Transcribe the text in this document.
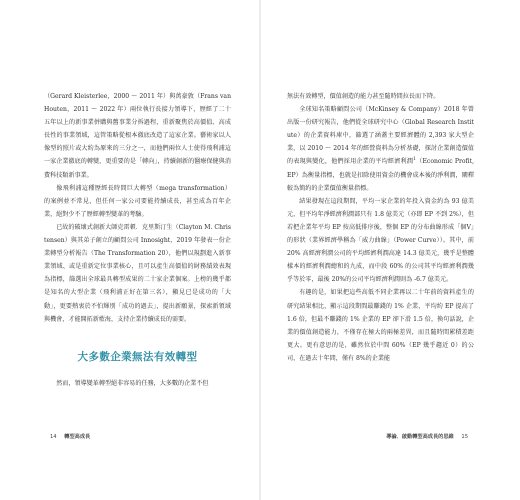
（Gerard Kleisterlee，2000 ～ 2011 年）與萬豪敦（Frans van Houten，2011 ～ 2022 年）兩位執行長接力領導下，歷經了二十五年以上的新事業併購與舊事業分拆過程，重新聚焦於高價值、高成長性的事業領域，這管策略從根本徹底改造了這家企業。藝術家以人像型的照片或大約為原來的三分之一，而他們兩位人士使得飛利浦這一家企業徹底的轉變，更重要的是「轉向」，持續創新的醫療保健與消費科技類新事業。

像飛利浦這種歷經長時間巨大轉型（mega transformation）的案例並不常見，但任何一家公司要能持續成長，甚至成為百年企業，絕對少不了歷經轉型變革的考驗。

已故的破壞式創新大師克雷頓．克里斯汀生（Clayton M. Christensen）與其弟子創立的顧問公司 Innosight，2019 年發表一份企業轉型分析報告（The Transformation 20），他們以規劃進入新事業領域、或是重新定位事業核心，且可以產生高價值的財務績效表現為指標，篩選出全球最具轉型成果的二十家企業個案。上榜的幾乎都是知名的大型企業（飛利浦正好在第三名），顯見已是成功的「大動」，更要熱衷於不怕輝別「成功的過去」，提出新願景，探索新領域與機會，才能開拓新藍海，支持企業持續成長的需要。

大多數企業無法有效轉型

然而，領導變革轉型絕非容易的任務，大多數的企業不但

14 轉型高成長

無法有效轉型，價值創造的能力甚至隨時間拉長而下降。

全球知名策略顧問公司（McKinsey & Company）2018 年曾出版一份研究報告，他們從全球研究中心（Global Research Institute）的企業資料庫中，篩選了涵蓋主要經濟體的 2,393 家大型企業，以 2010 ～ 2014 年的經營資料為分析基礎，探討企業創造價值的表現與變化，他們採用企業的平均經濟利潤$^1$（Economic Profit, EP）為衡量指標，也就是扣除使用資金的機會成本後的淨利潤，闡釋較為簡約的企業價值衡量指標。

結果發現在這段期間，平均一家企業的年投入資金約為 93 億美元，但平均年淨經濟利潤部只有 1.8 億美元（亦即 EP 不到 2%），但若把企業年平均 EP 按高低排序後，整個 EP 的分布曲線形成「個V」的形狀（業界經濟學稱為「威力曲線」（Power Curve））。其中，前 20% 高經濟利潤公司的平均經濟利潤高達 14.3 億美元，幾乎是整體樣本的經濟利潤總和的九成，而中段 60% 的公司其平均經濟利潤幾乎等於零，最後 20%的公司平均經濟利潤則為 -6.7 億美元。

有趣的是，如果把這些高低不同企業再以二十年前的資料產生的研究結果相比，顯示這段期間最賺錢的 1% 企業，平均約 EP 提高了 1.6 倍，但最不賺錢的 1% 企業的 EP 卻下滑 1.5 倍，換句話說，企業的價值創造能力，不僅存在極大的兩極差異，而且隨時間累積差距更大。更有意思的是，雖然位於中間 60%（EP 幾乎趨近 0）的公司，在過去十年間，僅有 8%的企業能

導論．啟動轉型高成長的思維 15
